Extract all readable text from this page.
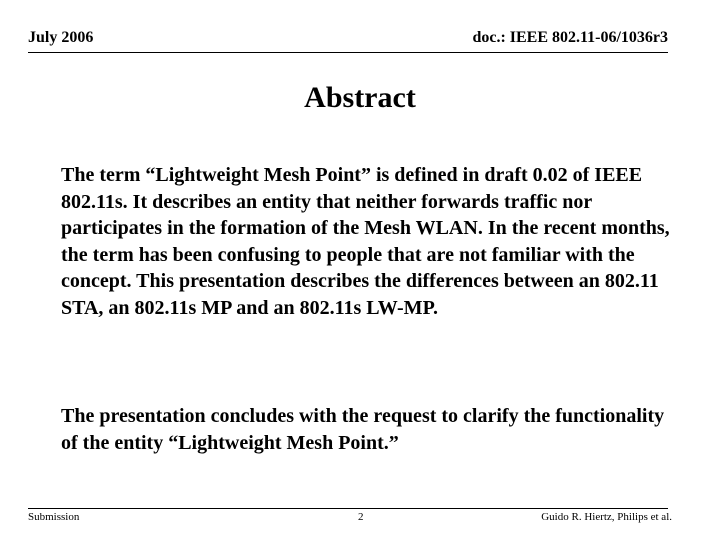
July 2006	doc.: IEEE 802.11-06/1036r3
Abstract
The term “Lightweight Mesh Point” is defined in draft 0.02 of IEEE 802.11s. It describes an entity that neither forwards traffic nor participates in the formation of the Mesh WLAN. In the recent months, the term has been confusing to people that are not familiar with the concept. This presentation describes the differences between an 802.11 STA, an 802.11s MP and an 802.11s LW-MP.
The presentation concludes with the request to clarify the functionality of the entity “Lightweight Mesh Point.”
Submission	2	Guido R. Hiertz, Philips et al.
